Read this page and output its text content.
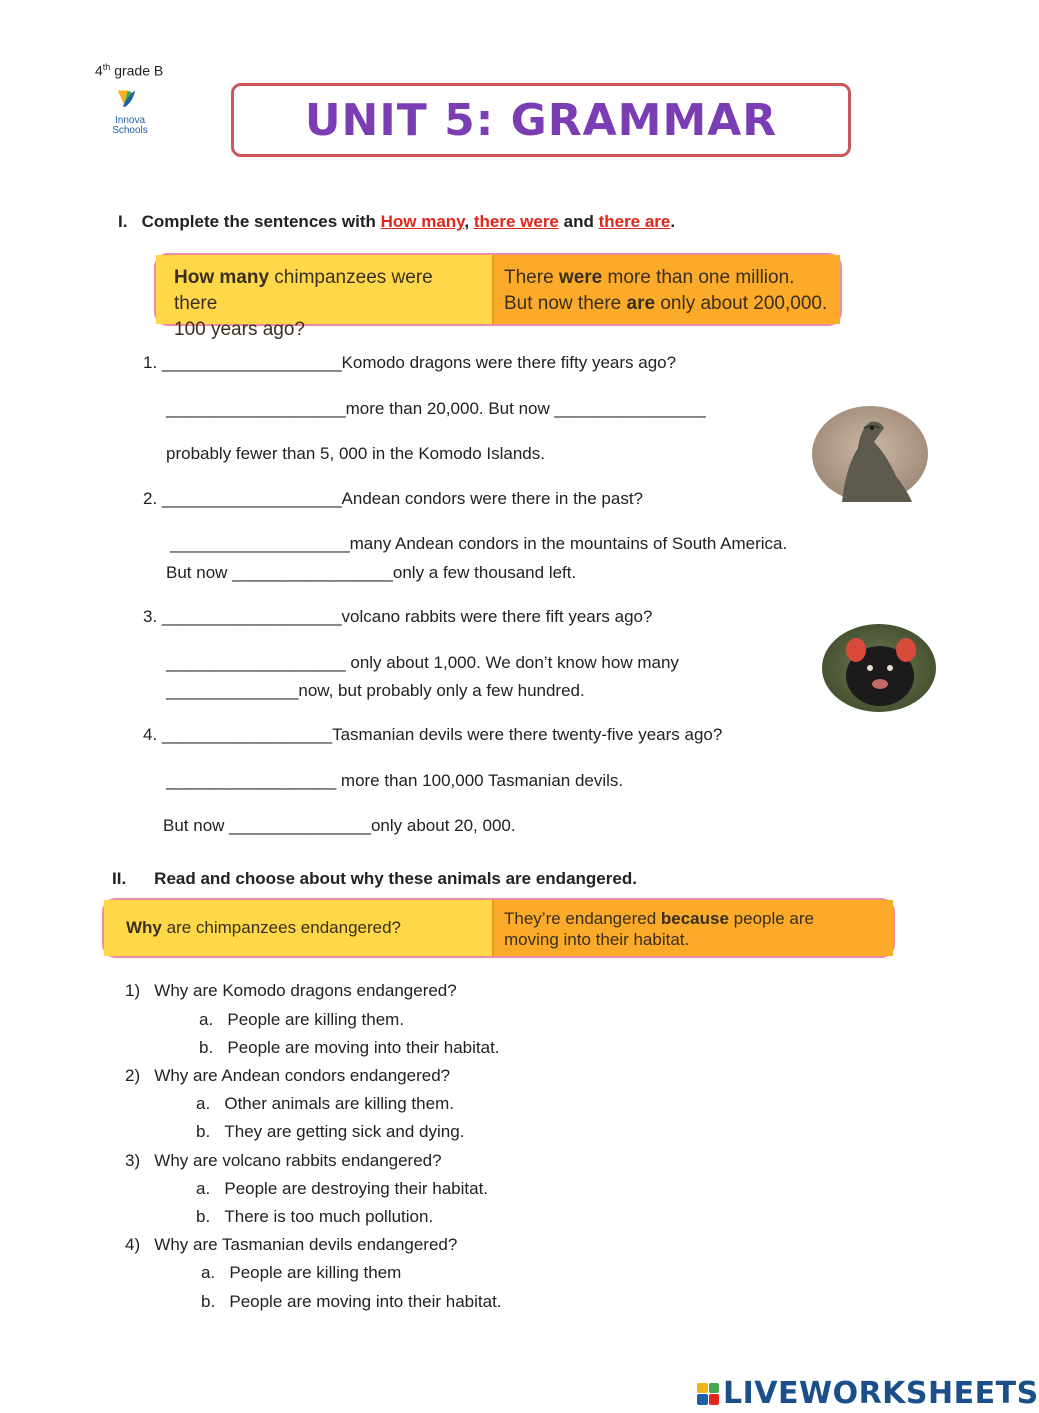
4th grade B
Innova
Schools	UNIT 5: GRAMMAR
I. Complete the sentences with How many, there were and there are.
How many chimpanzees were there
100 years ago?
There were more than one million.
But now there are only about 200,000.
1. ___________________Komodo dragons were there fifty years ago?
___________________more than 20,000. But now ________________
probably fewer than 5, 000 in the Komodo Islands.
2. ___________________Andean condors were there in the past?
___________________many Andean condors in the mountains of South America.
But now _________________only a few thousand left.
3. ___________________volcano rabbits were there fift years ago?
___________________ only about 1,000. We don’t know how many
______________now, but probably only a few hundred.
4. __________________Tasmanian devils were there twenty-five years ago?
__________________ more than 100,000 Tasmanian devils.
But now _______________only about 20, 000.
II. Read and choose about why these animals are endangered.
Why are chimpanzees endangered?	They’re endangered because people are
moving into their habitat.
1) Why are Komodo dragons endangered?
a. People are killing them.
b. People are moving into their habitat.
2) Why are Andean condors endangered?
a. Other animals are killing them.
b. They are getting sick and dying.
3) Why are volcano rabbits endangered?
a. People are destroying their habitat.
b. There is too much pollution.
4) Why are Tasmanian devils endangered?
a. People are killing them
b. People are moving into their habitat.
LIVEWORKSHEETS
